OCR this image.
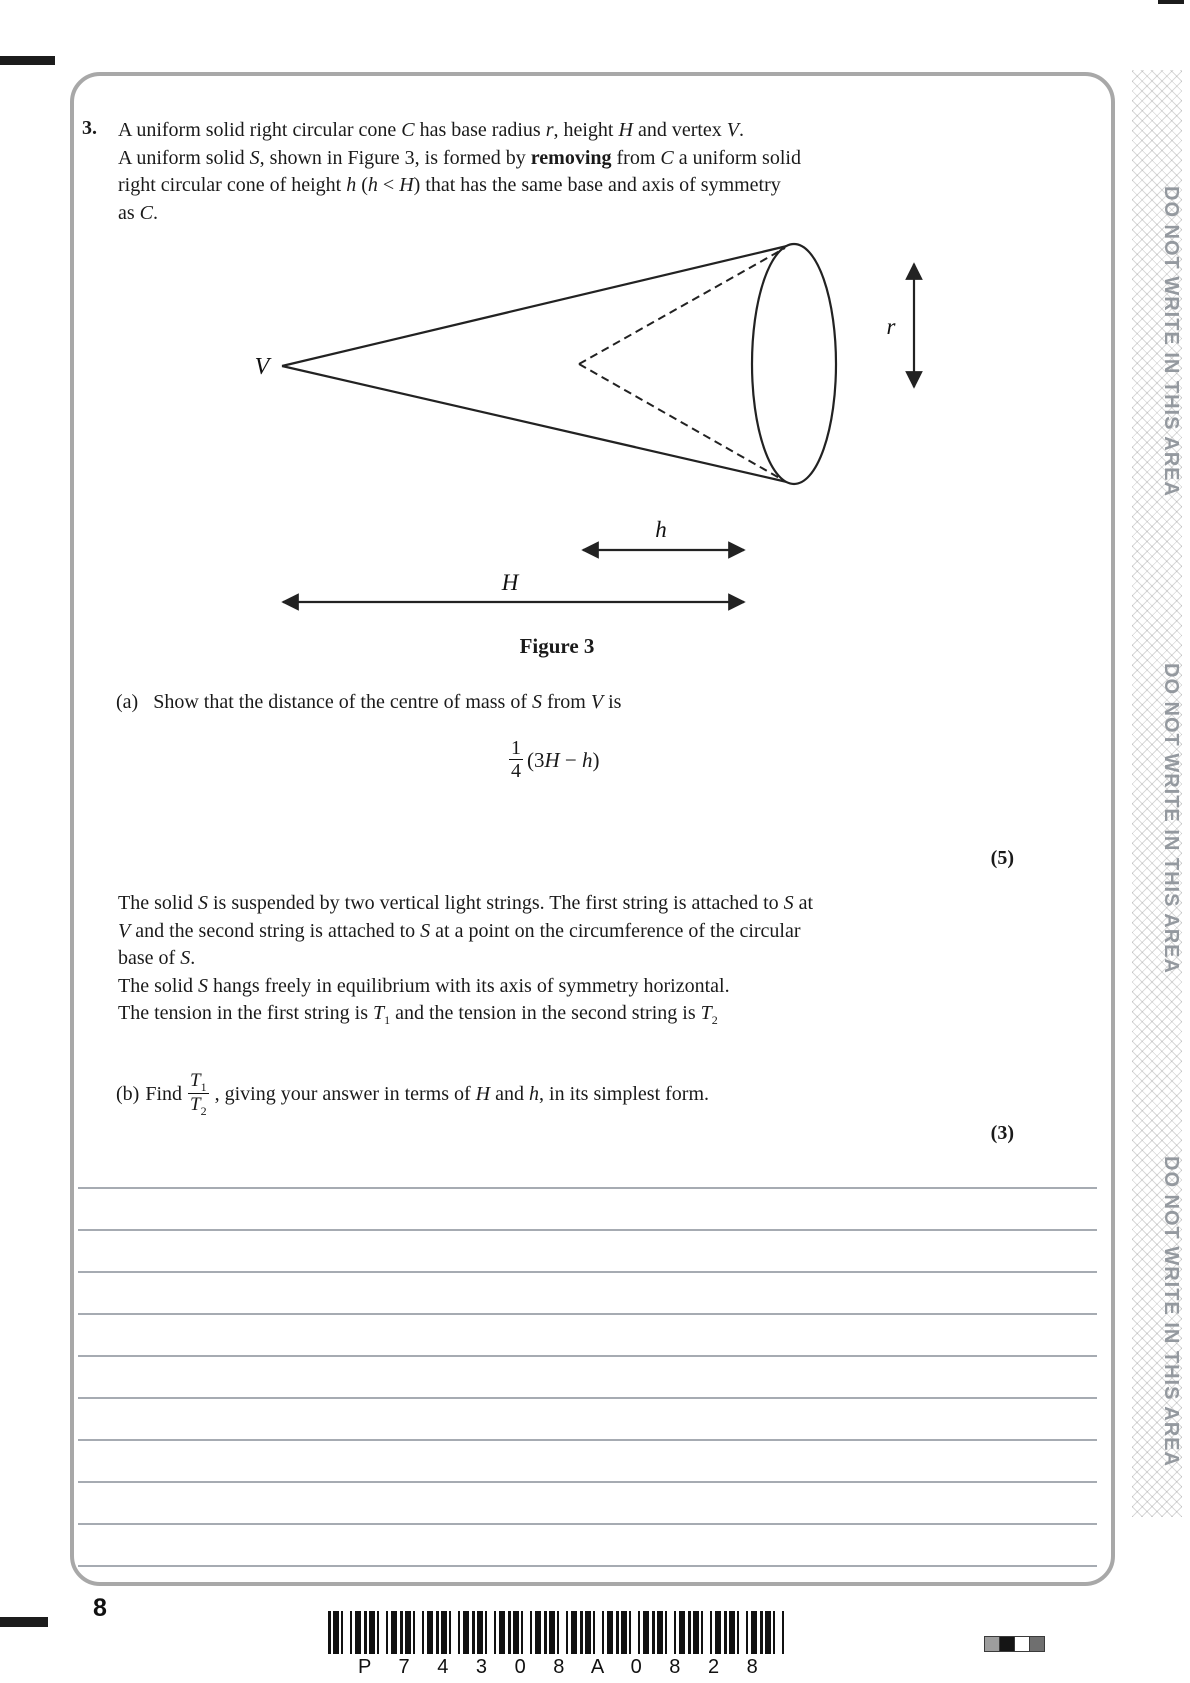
DO NOT WRITE IN THIS AREA
DO NOT WRITE IN THIS AREA
DO NOT WRITE IN THIS AREA
3. A uniform solid right circular cone C has base radius r, height H and vertex V.
A uniform solid S, shown in Figure 3, is formed by removing from C a uniform solid
right circular cone of height h (h < H) that has the same base and axis of symmetry
as C.
V
r
h
H
Figure 3
(a) Show that the distance of the centre of mass of S from V is
$\frac{1}{4} (3H - h)$
(5)
The solid S is suspended by two vertical light strings. The first string is attached to S at
V and the second string is attached to S at a point on the circumference of the circular
base of S.
The solid S hangs freely in equilibrium with its axis of symmetry horizontal.
The tension in the first string is $T_1$ and the tension in the second string is $T_2$
(b) Find $\frac{T_1}{T_2}$ , giving your answer in terms of H and h, in its simplest form.
(3)
8
P 7 4 3 0 8 A 0 8 2 8
